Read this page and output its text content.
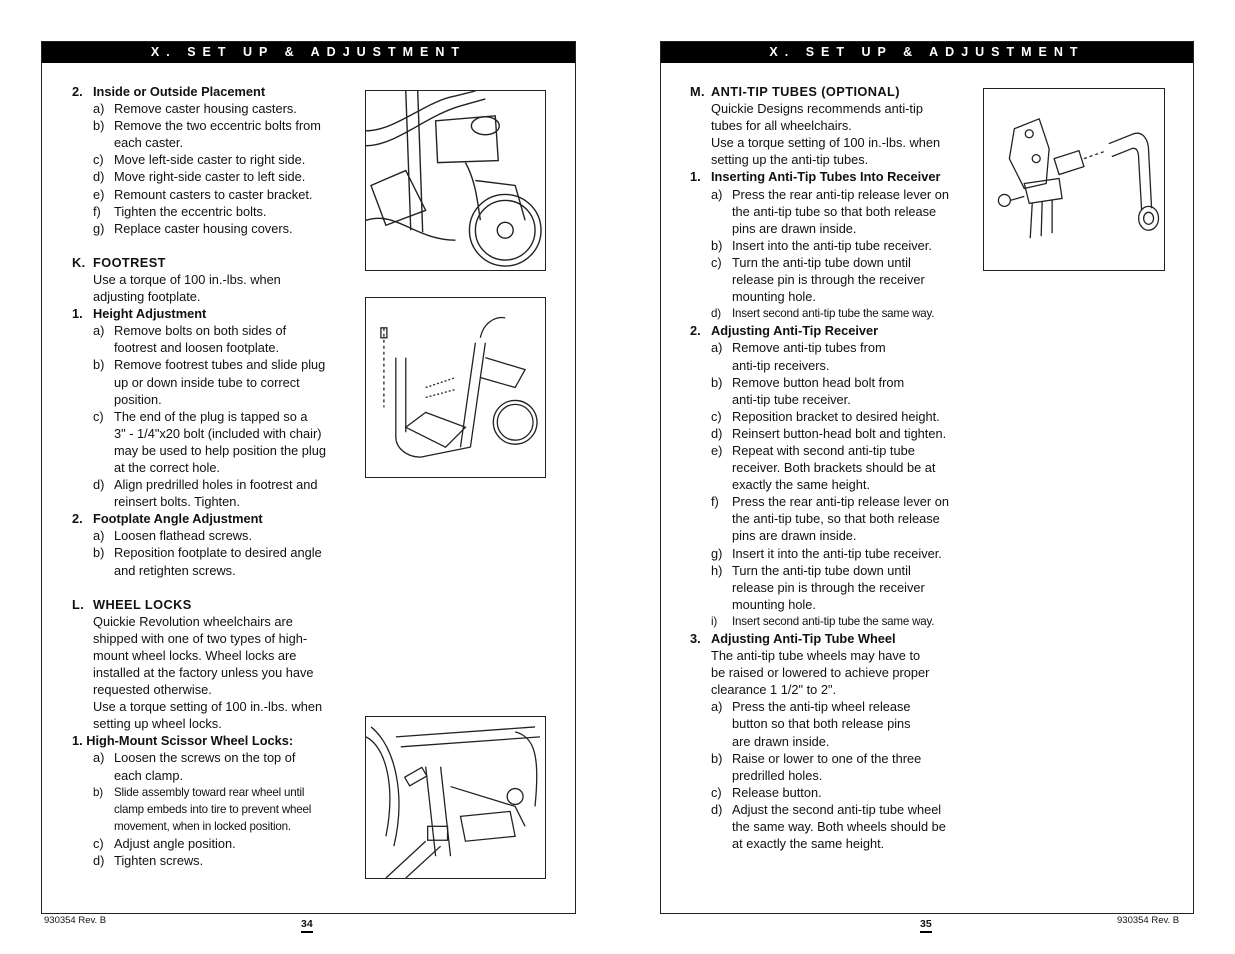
X. SET UP & ADJUSTMENT
2. Inside or Outside Placement
a) Remove caster housing casters.
b) Remove the two eccentric bolts from
each caster.
c) Move left-side caster to right side.
d) Move right-side caster to left side.
e) Remount casters to caster bracket.
f) Tighten the eccentric bolts.
g) Replace caster housing covers.
K. FOOTREST
Use a torque of 100 in.-lbs. when
adjusting footplate.
1. Height Adjustment
a) Remove bolts on both sides of
footrest and loosen footplate.
b) Remove footrest tubes and slide plug
up or down inside tube to correct
position.
c) The end of the plug is tapped so a
3" - 1/4"x20 bolt (included with chair)
may be used to help position the plug
at the correct hole.
d) Align predrilled holes in footrest and
reinsert bolts. Tighten.
2. Footplate Angle Adjustment
a) Loosen flathead screws.
b) Reposition footplate to desired angle
and retighten screws.
L. WHEEL LOCKS
Quickie Revolution wheelchairs are
shipped with one of two types of high-
mount wheel locks. Wheel locks are
installed at the factory unless you have
requested otherwise.
Use a torque setting of 100 in.-lbs. when
setting up wheel locks.
1. High-Mount Scissor Wheel Locks:
a) Loosen the screws on the top of
each clamp.
b) Slide assembly toward rear wheel until
clamp embeds into tire to prevent wheel
movement, when in locked position.
c) Adjust angle position.
d) Tighten screws.
930354 Rev. B	34
X. SET UP & ADJUSTMENT
M. ANTI-TIP TUBES (OPTIONAL)
Quickie Designs recommends anti-tip
tubes for all wheelchairs.
Use a torque setting of 100 in.-lbs. when
setting up the anti-tip tubes.
1. Inserting Anti-Tip Tubes Into Receiver
a) Press the rear anti-tip release lever on
the anti-tip tube so that both release
pins are drawn inside.
b) Insert into the anti-tip tube receiver.
c) Turn the anti-tip tube down until
release pin is through the receiver
mounting hole.
d) Insert second anti-tip tube the same way.
2. Adjusting Anti-Tip Receiver
a) Remove anti-tip tubes from
anti-tip receivers.
b) Remove button head bolt from
anti-tip tube receiver.
c) Reposition bracket to desired height.
d) Reinsert button-head bolt and tighten.
e) Repeat with second anti-tip tube
receiver. Both brackets should be at
exactly the same height.
f) Press the rear anti-tip release lever on
the anti-tip tube, so that both release
pins are drawn inside.
g) Insert it into the anti-tip tube receiver.
h) Turn the anti-tip tube down until
release pin is through the receiver
mounting hole.
i) Insert second anti-tip tube the same way.
3. Adjusting Anti-Tip Tube Wheel
The anti-tip tube wheels may have to
be raised or lowered to achieve proper
clearance 1 1/2" to 2".
a) Press the anti-tip wheel release
button so that both release pins
are drawn inside.
b) Raise or lower to one of the three
predrilled holes.
c) Release button.
d) Adjust the second anti-tip tube wheel
the same way. Both wheels should be
at exactly the same height.
930354 Rev. B
35
